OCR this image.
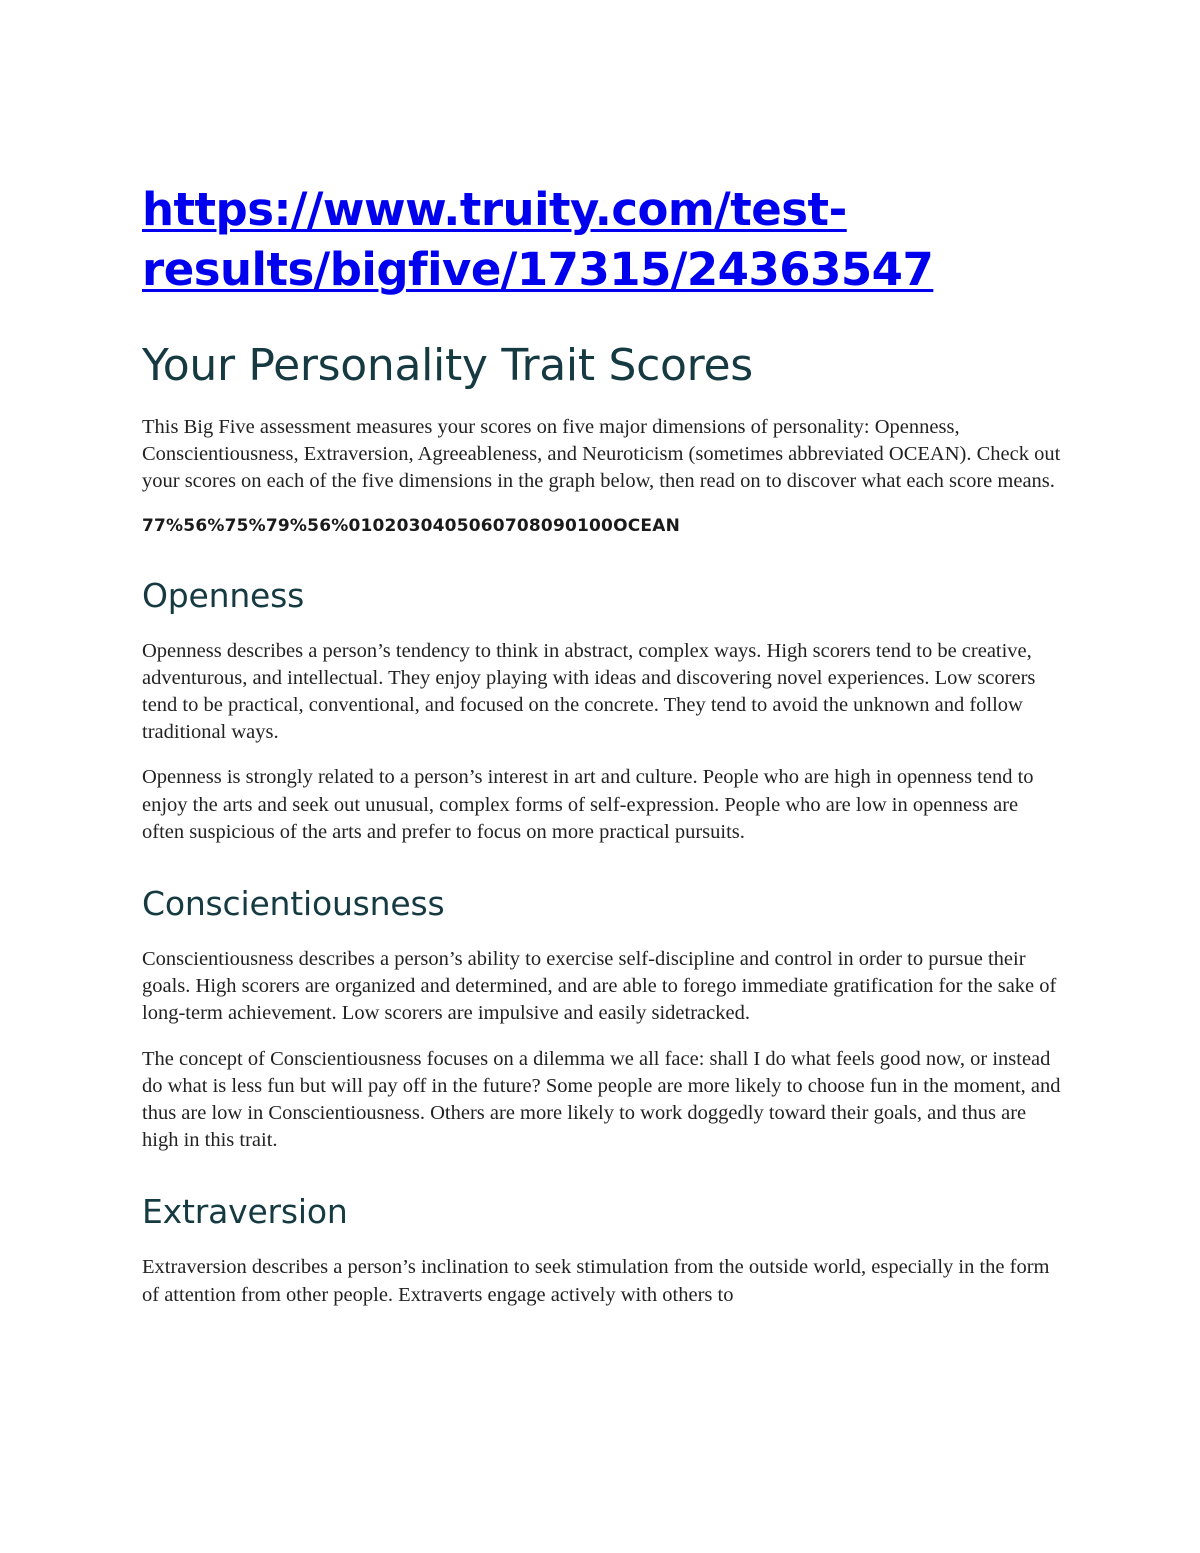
https://www.truity.com/test-
results/bigfive/17315/24363547
Your Personality Trait Scores

This Big Five assessment measures your scores on five major dimensions of personality: Openness, Conscientiousness, Extraversion, Agreeableness, and Neuroticism (sometimes abbreviated OCEAN). Check out your scores on each of the five dimensions in the graph below, then read on to discover what each score means.

77%56%75%79%56%0102030405060708090100OCEAN

Openness

Openness describes a person’s tendency to think in abstract, complex ways. High scorers tend to be creative, adventurous, and intellectual. They enjoy playing with ideas and discovering novel experiences. Low scorers tend to be practical, conventional, and focused on the concrete. They tend to avoid the unknown and follow traditional ways.

Openness is strongly related to a person’s interest in art and culture. People who are high in openness tend to enjoy the arts and seek out unusual, complex forms of self-expression. People who are low in openness are often suspicious of the arts and prefer to focus on more practical pursuits.

Conscientiousness

Conscientiousness describes a person’s ability to exercise self-discipline and control in order to pursue their goals. High scorers are organized and determined, and are able to forego immediate gratification for the sake of long-term achievement. Low scorers are impulsive and easily sidetracked.

The concept of Conscientiousness focuses on a dilemma we all face: shall I do what feels good now, or instead do what is less fun but will pay off in the future? Some people are more likely to choose fun in the moment, and thus are low in Conscientiousness. Others are more likely to work doggedly toward their goals, and thus are high in this trait.

Extraversion

Extraversion describes a person’s inclination to seek stimulation from the outside world, especially in the form of attention from other people. Extraverts engage actively with others to
